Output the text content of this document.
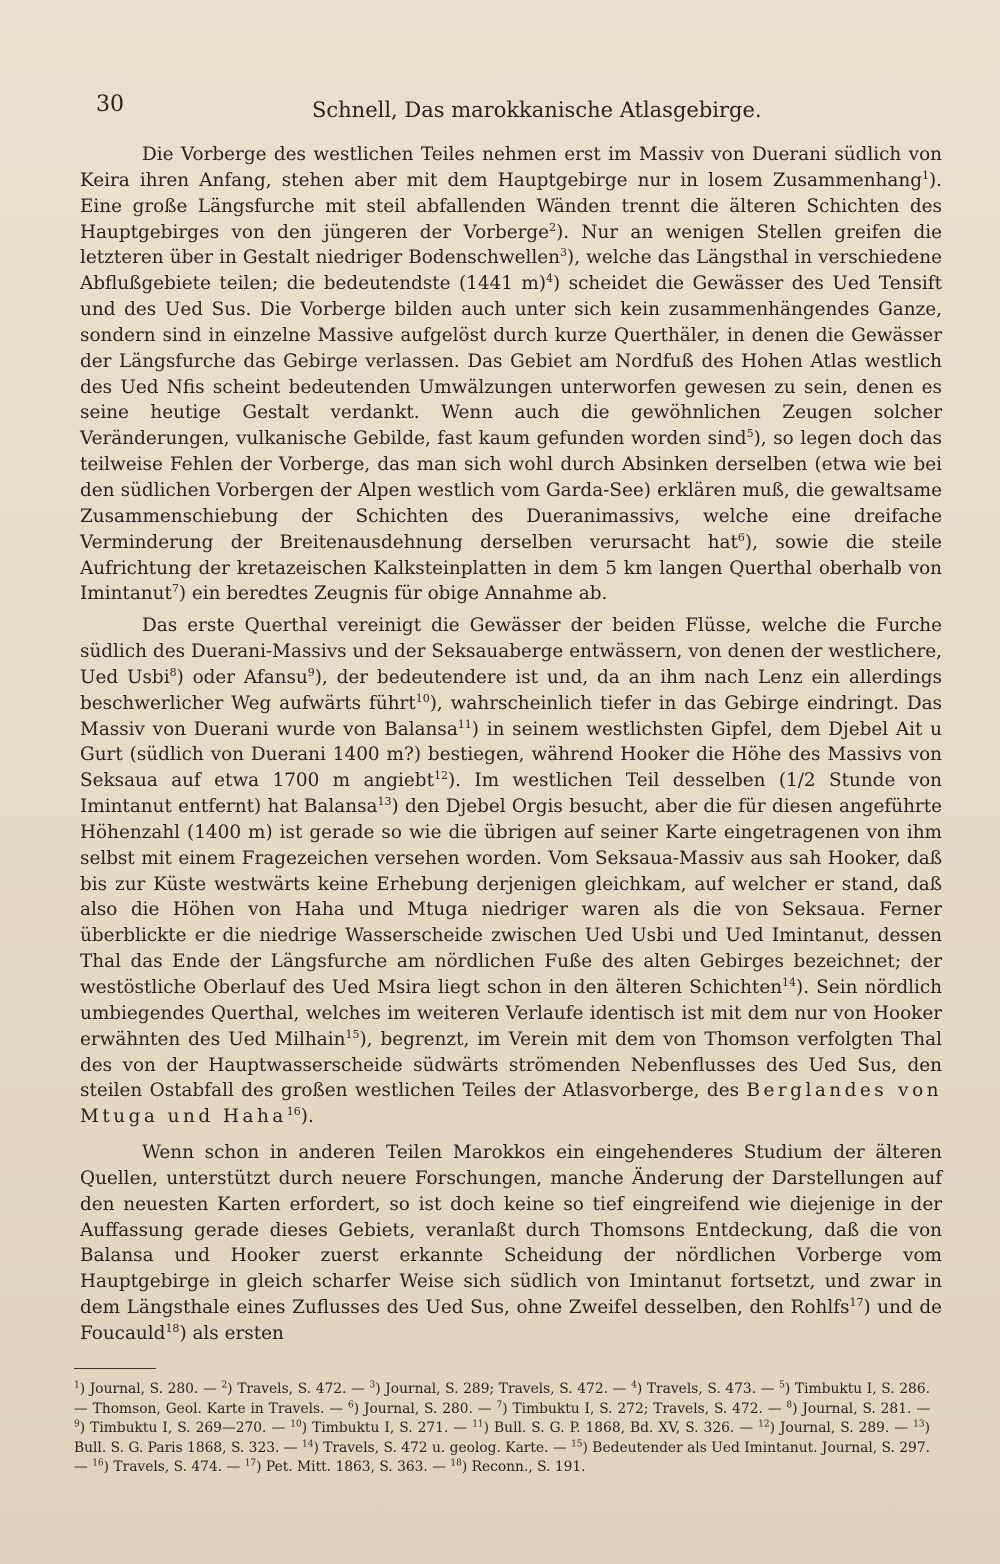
30	Schnell, Das marokkanische Atlasgebirge.

Die Vorberge des westlichen Teiles nehmen erst im Massiv von Duerani südlich von Keira ihren Anfang, stehen aber mit dem Hauptgebirge nur in losem Zusammenhang$^1$). Eine große Längsfurche mit steil abfallenden Wänden trennt die älteren Schichten des Hauptgebirges von den jüngeren der Vorberge$^2$). Nur an wenigen Stellen greifen die letzteren über in Gestalt niedriger Bodenschwellen$^3$), welche das Längsthal in verschiedene Abflußgebiete teilen; die bedeutendste (1441 m)$^4$) scheidet die Gewässer des Ued Tensift und des Ued Sus. Die Vorberge bilden auch unter sich kein zusammenhängendes Ganze, sondern sind in einzelne Massive aufgelöst durch kurze Querthäler, in denen die Gewässer der Längsfurche das Gebirge verlassen. Das Gebiet am Nordfuß des Hohen Atlas westlich des Ued Nfis scheint bedeutenden Umwälzungen unterworfen gewesen zu sein, denen es seine heutige Gestalt verdankt. Wenn auch die gewöhnlichen Zeugen solcher Veränderungen, vulkanische Gebilde, fast kaum gefunden worden sind$^5$), so legen doch das teilweise Fehlen der Vorberge, das man sich wohl durch Absinken derselben (etwa wie bei den südlichen Vorbergen der Alpen westlich vom Garda-See) erklären muß, die gewaltsame Zusammenschiebung der Schichten des Dueranimassivs, welche eine dreifache Verminderung der Breitenausdehnung derselben verursacht hat$^6$), sowie die steile Aufrichtung der kretazeischen Kalksteinplatten in dem 5 km langen Querthal oberhalb von Imintanut$^7$) ein beredtes Zeugnis für obige Annahme ab.

Das erste Querthal vereinigt die Gewässer der beiden Flüsse, welche die Furche südlich des Duerani-Massivs und der Seksauaberge entwässern, von denen der westlichere, Ued Usbi$^8$) oder Afansu$^9$), der bedeutendere ist und, da an ihm nach Lenz ein allerdings beschwerlicher Weg aufwärts führt$^{10}$), wahrscheinlich tiefer in das Gebirge eindringt. Das Massiv von Duerani wurde von Balansa$^{11}$) in seinem westlichsten Gipfel, dem Djebel Ait u Gurt (südlich von Duerani 1400 m?) bestiegen, während Hooker die Höhe des Massivs von Seksaua auf etwa 1700 m angiebt$^{12}$). Im westlichen Teil desselben (1/2 Stunde von Imintanut entfernt) hat Balansa$^{13}$) den Djebel Orgis besucht, aber die für diesen angeführte Höhenzahl (1400 m) ist gerade so wie die übrigen auf seiner Karte eingetragenen von ihm selbst mit einem Fragezeichen versehen worden. Vom Seksaua-Massiv aus sah Hooker, daß bis zur Küste westwärts keine Erhebung derjenigen gleichkam, auf welcher er stand, daß also die Höhen von Haha und Mtuga niedriger waren als die von Seksaua. Ferner überblickte er die niedrige Wasserscheide zwischen Ued Usbi und Ued Imintanut, dessen Thal das Ende der Längsfurche am nördlichen Fuße des alten Gebirges bezeichnet; der westöstliche Oberlauf des Ued Msira liegt schon in den älteren Schichten$^{14}$). Sein nördlich umbiegendes Querthal, welches im weiteren Verlaufe identisch ist mit dem nur von Hooker erwähnten des Ued Milhain$^{15}$), begrenzt, im Verein mit dem von Thomson verfolgten Thal des von der Hauptwasserscheide südwärts strömenden Nebenflusses des Ued Sus, den steilen Ostabfall des großen westlichen Teiles der Atlasvorberge, des Berglandes von Mtuga und Haha$^{16}$).

Wenn schon in anderen Teilen Marokkos ein eingehenderes Studium der älteren Quellen, unterstützt durch neuere Forschungen, manche Änderung der Darstellungen auf den neuesten Karten erfordert, so ist doch keine so tief eingreifend wie diejenige in der Auffassung gerade dieses Gebiets, veranlaßt durch Thomsons Entdeckung, daß die von Balansa und Hooker zuerst erkannte Scheidung der nördlichen Vorberge vom Hauptgebirge in gleich scharfer Weise sich südlich von Imintanut fortsetzt, und zwar in dem Längsthale eines Zuflusses des Ued Sus, ohne Zweifel desselben, den Rohlfs$^{17}$) und de Foucauld$^{18}$) als ersten

$^1$) Journal, S. 280. — $^2$) Travels, S. 472. — $^3$) Journal, S. 289; Travels, S. 472. — $^4$) Travels, S. 473. — $^5$) Timbuktu I, S. 286. — Thomson, Geol. Karte in Travels. — $^6$) Journal, S. 280. — $^7$) Timbuktu I, S. 272; Travels, S. 472. — $^8$) Journal, S. 281. — $^9$) Timbuktu I, S. 269—270. — $^{10}$) Timbuktu I, S. 271. — $^{11}$) Bull. S. G. P. 1868, Bd. XV, S. 326. — $^{12}$) Journal, S. 289. — $^{13}$) Bull. S. G. Paris 1868, S. 323. — $^{14}$) Travels, S. 472 u. geolog. Karte. — $^{15}$) Bedeutender als Ued Imintanut. Journal, S. 297. — $^{16}$) Travels, S. 474. — $^{17}$) Pet. Mitt. 1863, S. 363. — $^{18}$) Reconn., S. 191.
